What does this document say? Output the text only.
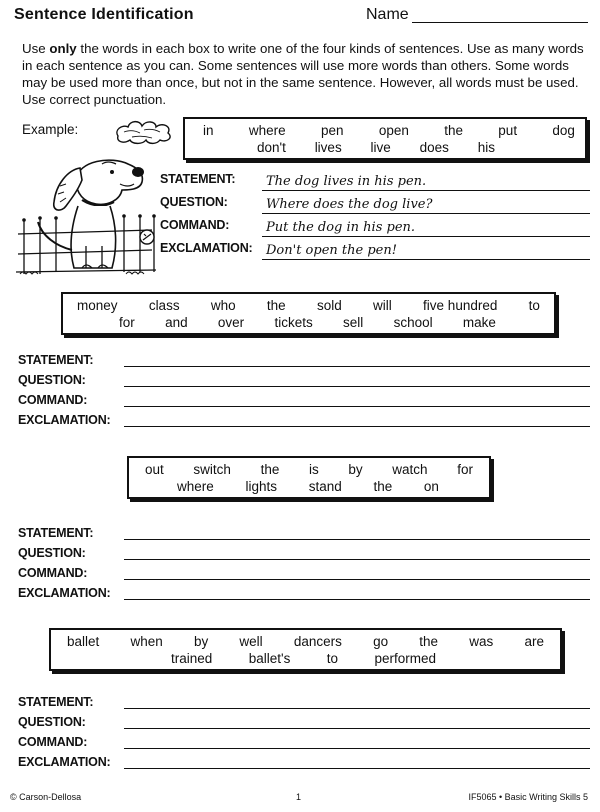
Sentence Identification	Name
Use only the words in each box to write one of the four kinds of sentences. Use as many words in each sentence as you can. Some sentences will use more words than others. Some words may be used more than once, but not in the same sentence. However, all words must be used. Use correct punctuation.
Example:	in	where	pen	open	the	put	dog
don't lives live does his
STATEMENT: The dog lives in his pen.
QUESTION:	Where does the dog live?
COMMAND:	Put the dog in his pen.
EXCLAMATION: Don't open the pen!
money class who the sold will five hundred to
for and over tickets sell school make
STATEMENT:
QUESTION:
COMMAND:
EXCLAMATION:
out switch the is by watch for
where lights stand the on
STATEMENT:
QUESTION:
COMMAND:
EXCLAMATION:
ballet when by well dancers go the was are
trained	ballet's	to	performed
STATEMENT:
QUESTION:
COMMAND:
EXCLAMATION:
© Carson-Dellosa	1	IF5065 • Basic Writing Skills 5
